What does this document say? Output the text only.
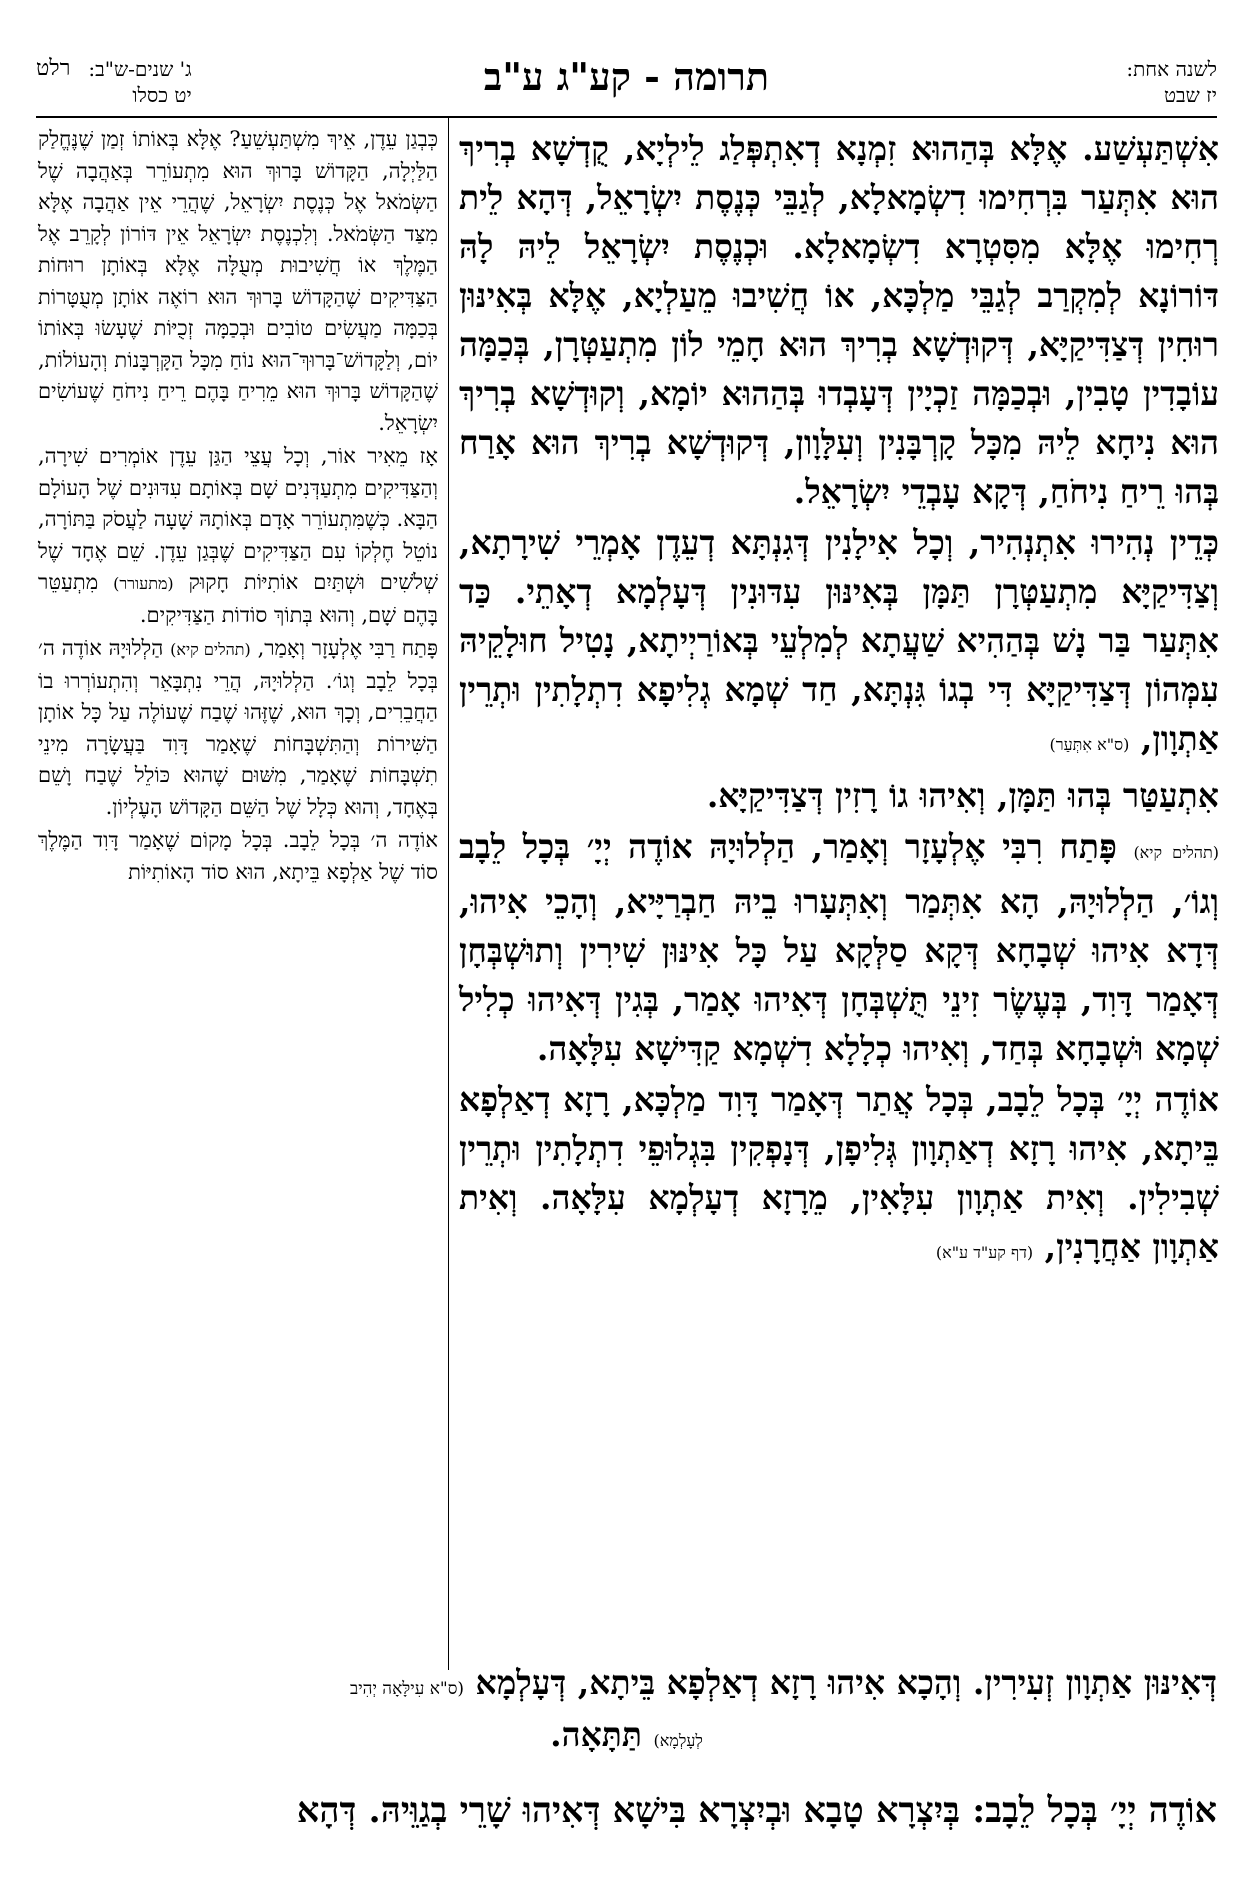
לשנה אחת:
יז שבט
תרומה - קע"ג ע"ב
רלט ג' שנים-ש"ב:
יט כסלו

אִשְׁתַּעְשַׁע. אֶלָּא בְּהַהוּא זִמְנָא דְאִתְפְּלַג לֵילְיָא, קֻדְשָׁא בְרִיךְ הוּא אִתְּעַר בִּרְחִימוּ דִשְׂמָאלָא, לְגַבֵּי כְּנֶסֶת יִשְׂרָאֵל, דְּהָא לֵית רְחִימוּ אֶלָּא מִסִּטְרָא דִשְׂמָאלָא. וּכְנֶסֶת יִשְׂרָאֵל לֵיהּ לָהּ דּוֹרוֹנָא לְמִקְרַב לְגַבֵּי מַלְכָּא, אוֹ חֲשִׁיבוּ מֵעַלְיָא, אֶלָּא בְּאִינּוּן רוּחִין דְּצַדִּיקַיָּא, דְּקוּדְשָׁא בְרִיךְ הוּא חָמֵי לוֹן מִתְעַטְּרָן, בְּכַמָּה עוֹבָדִין טָבִין, וּבְכַמָּה זַכְיָין דְּעָבְדוּ בְּהַהוּא יוֹמָא, וְקוּדְשָׁא בְרִיךְ הוּא נִיחָא לֵיהּ מִכָּל קָרְבָּנִין וְעִלָּוָון, דְּקוּדְשָׁא בְרִיךְ הוּא אָרַח בְּהוּ רֵיחַ נִיחֹחַ, דְּקָא עָבְדֵי יִשְׂרָאֵל.

כְּדֵין נְהִירוּ אִתְנְהִיר, וְכָל אִילָנִין דְּגִנְתָּא דְעֵדֶן אָמְרֵי שִׁירָתָא, וְצַדִּיקַיָּא מִתְעַטְּרָן תַּמָּן בְּאִינּוּן עִדּוּנִין דְּעָלְמָא דְאָתֵי. כַּד אִתְּעַר בַּר נָשׁ בְּהַהִיא שַׁעֲתָא לְמִלְעֵי בְּאוֹרַיְיתָא, נָטִיל חוּלָקֵיהּ עִמְּהוֹן דְּצַדִּיקַיָּא דִּי בְגוֹ גִּנְתָּא, חַד שְׁמָא גְלִיפָא דִתְלָתִין וּתְרֵין אַתְוָון, (ס"א אִתְּעַר)

אִתְעַטַּר בְּהוּ תַּמָּן, וְאִיהוּ גוֹ רָזִין דְּצַדִּיקַיָּא.

(תהלים קיא) פָּתַח רִבִּי אֶלְעָזָר וְאָמַר, הַלְלוּיָהּ אוֹדֶה יְיָ׳ בְּכָל לֵבָב וְגוֹ׳, הַלְלוּיָהּ, הָא אִתְּמַר וְאִתְּעָרוּ בֵיהּ חַבְרַיָּיא, וְהָכֵי אִיהוּ, דְּדָא אִיהוּ שְׁבָחָא דְּקָא סַלְּקָא עַל כָּל אִינּוּן שִׁירִין וְתוּשְׁבְּחָן דְּאָמַר דָּוִד, בְּעֶשֶׂר זִינֵי תֻּשְׁבְּחָן דְּאִיהוּ אָמַר, בְּגִין דְּאִיהוּ כְלִיל שְׁמָא וּשְׁבָחָא בְּחַד, וְאִיהוּ כְלָלָא דִשְׁמָא קַדִּישָׁא עִלָּאָה.

אוֹדֶה יְיָ׳ בְּכָל לֵבָב, בְּכָל אֲתַר דְּאָמַר דָּוִד מַלְכָּא, רָזָא דְאַלְפָא בֵּיתָא, אִיהוּ רָזָא דְאַתְוָון גְּלִיפָן, דְּנָפְקִין בִּגְלוּפֵי דִתְלָתִין וּתְרֵין שְׁבִילִין. וְאִית אַתְוָון עִלָּאִין, מֵרָזָא דְעָלְמָא עִלָּאָה. וְאִית אַתְוָון אַחֲרָנִין, (דף קע"ד ע"א)

כְּבְגַן עֵדֶן, אֵיךְ מִשְׁתַּעְשֵׁעַ? אֶלָּא בְּאוֹתוֹ זְמַן שֶׁנֶּחֱלַק הַלַּיְלָה, הַקָּדוֹשׁ בָּרוּךְ הוּא מִתְעוֹרֵר בְּאַהֲבָה שֶׁל הַשְּׂמֹאל אֶל כְּנֶסֶת יִשְׂרָאֵל, שֶׁהֲרֵי אֵין אַהֲבָה אֶלָּא מִצַּד הַשְּׂמֹאל. וְלִכְנֶסֶת יִשְׂרָאֵל אֵין דּוֹרוֹן לְקָרֵב אֶל הַמֶּלֶךְ אוֹ חֲשִׁיבוּת מְעֻלָּה אֶלָּא בְּאוֹתָן רוּחוֹת הַצַּדִּיקִים שֶׁהַקָּדוֹשׁ בָּרוּךְ הוּא רוֹאֶה אוֹתָן מְעֻטָּרוֹת בְּכַמָּה מַעֲשִׂים טוֹבִים וּבְכַמָּה זְכֻיּוֹת שֶׁעָשׂוּ בְּאוֹתוֹ יוֹם, וְלַקָּדוֹשׁ־בָּרוּךְ־הוּא נוֹחַ מִכָּל הַקָּרְבָּנוֹת וְהָעוֹלוֹת, שֶׁהַקָּדוֹשׁ בָּרוּךְ הוּא מֵרִיחַ בָּהֶם רֵיחַ נִיחֹחַ שֶׁעוֹשִׂים יִשְׂרָאֵל.

אָז מֵאִיר אוֹר, וְכָל עֲצֵי הַגַּן עֵדֶן אוֹמְרִים שִׁירָה, וְהַצַּדִּיקִים מִתְעַדְּנִים שָׁם בְּאוֹתָם עִדּוּנִים שֶׁל הָעוֹלָם הַבָּא. כְּשֶׁמִּתְעוֹרֵר אָדָם בְּאוֹתָהּ שָׁעָה לַעֲסֹק בַּתּוֹרָה, נוֹטֵל חֶלְקוֹ עִם הַצַּדִּיקִים שֶׁבְּגַן עֵדֶן. שֵׁם אֶחָד שֶׁל שְׁלֹשִׁים וּשְׁתַּיִם אוֹתִיּוֹת חָקוּק (מתעורר) מִתְעַטֵּר בָּהֶם שָׁם, וְהוּא בְּתוֹךְ סוֹדוֹת הַצַּדִּיקִים.

פָּתַח רַבִּי אֶלְעָזָר וְאָמַר, (תהלים קיא) הַלְלוּיָהּ אוֹדֶה ה׳ בְּכָל לֵבָב וְגוֹ׳. הַלְלוּיָהּ, הֲרֵי נִתְבָּאֵר וְהִתְעוֹרְרוּ בוֹ הַחֲבֵרִים, וְכָךְ הוּא, שֶׁזֶּהוּ שֶׁבַח שֶׁעוֹלֶה עַל כָּל אוֹתָן הַשִּׁירוֹת וְהַתִּשְׁבָּחוֹת שֶׁאָמַר דָּוִד בַּעֲשָׂרָה מִינֵי תִשְׁבָּחוֹת שֶׁאָמַר, מִשּׁוּם שֶׁהוּא כּוֹלֵל שֶׁבַח וָשֵׁם בְּאֶחָד, וְהוּא כְּלָל שֶׁל הַשֵּׁם הַקָּדוֹשׁ הָעֶלְיוֹן.

אוֹדֶה ה׳ בְּכָל לֵבָב. בְּכָל מָקוֹם שֶׁאָמַר דָּוִד הַמֶּלֶךְ סוֹד שֶׁל אַלְפָא בֵּיתָא, הוּא סוֹד הָאוֹתִיּוֹת

דְּאִינּוּן אַתְוָון זְעִירִין. וְהָכָא אִיהוּ רָזָא דְאַלְפָא בֵּיתָא, דְּעָלְמָא (ס"א עִילָּאָה יְהִיב
לְעָלְמָא) תַּתָּאָה.
אוֹדֶה יְיָ׳ בְּכָל לֵבָב: בְּיִצְרָא טָבָא וּבְיִצְרָא בִּישָׁא דְּאִיהוּ שָׁרֵי בְגַוֵּיהּ. דְּהָא
